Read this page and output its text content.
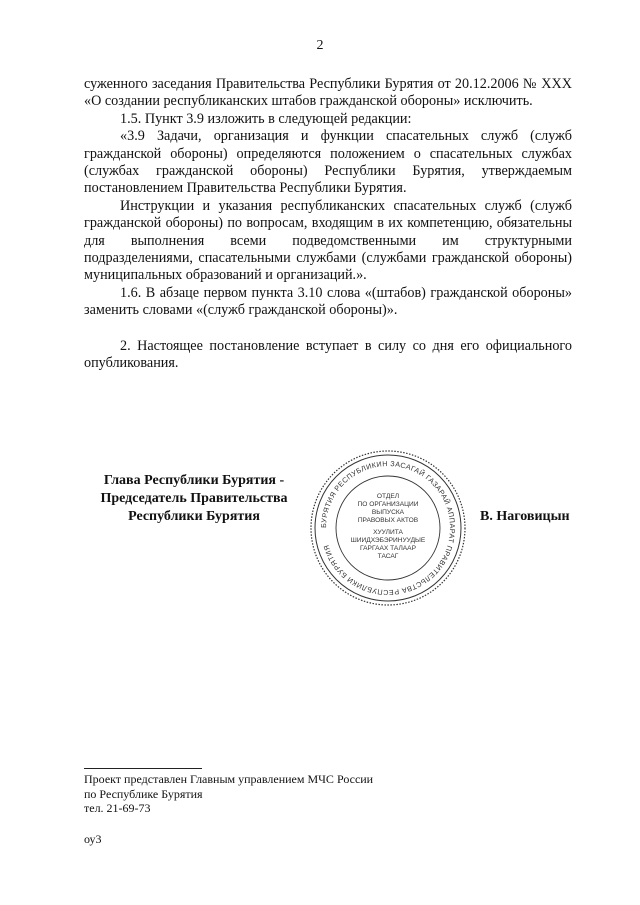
2

суженного заседания Правительства Республики Бурятия от 20.12.2006 № XXX «О создании республиканских штабов гражданской обороны» исключить.

1.5. Пункт 3.9 изложить в следующей редакции:

«3.9 Задачи, организация и функции спасательных служб (служб гражданской обороны) определяются положением о спасательных службах (службах гражданской обороны) Республики Бурятия, утверждаемым постановлением Правительства Республики Бурятия.

Инструкции и указания республиканских спасательных служб (служб гражданской обороны) по вопросам, входящим в их компетенцию, обязательны для выполнения всеми подведомственными им структурными подразделениями, спасательными службами (службами гражданской обороны) муниципальных образований и организаций.».

1.6. В абзаце первом пункта 3.10 слова «(штабов) гражданской обороны» заменить словами «(служб гражданской обороны)».

2. Настоящее постановление вступает в силу со дня его официального опубликования.

Глава Республики Бурятия -
Председатель Правительства
Республики Бурятия
БУРЯТИЯ РЕСПУБЛИКИН ЗАСАГАЙ ГАЗАРАЙ АППАРАТ ПРАВИТЕЛЬСТВА РЕСПУБЛИКИ БУРЯТИЯ
ОТДЕЛ
ПО ОРГАНИЗАЦИИ
ВЫПУСКА
ПРАВОВЫХ АКТОВ
ХУУЛИТА
ШИИДХЭБЭРИНУУДЫЕ
ГАРГААХ ТАЛААР
ТАСАГ
В. Наговицын
Проект представлен Главным управлением МЧС России
по Республике Бурятия
тел. 21-69-73
оу3
